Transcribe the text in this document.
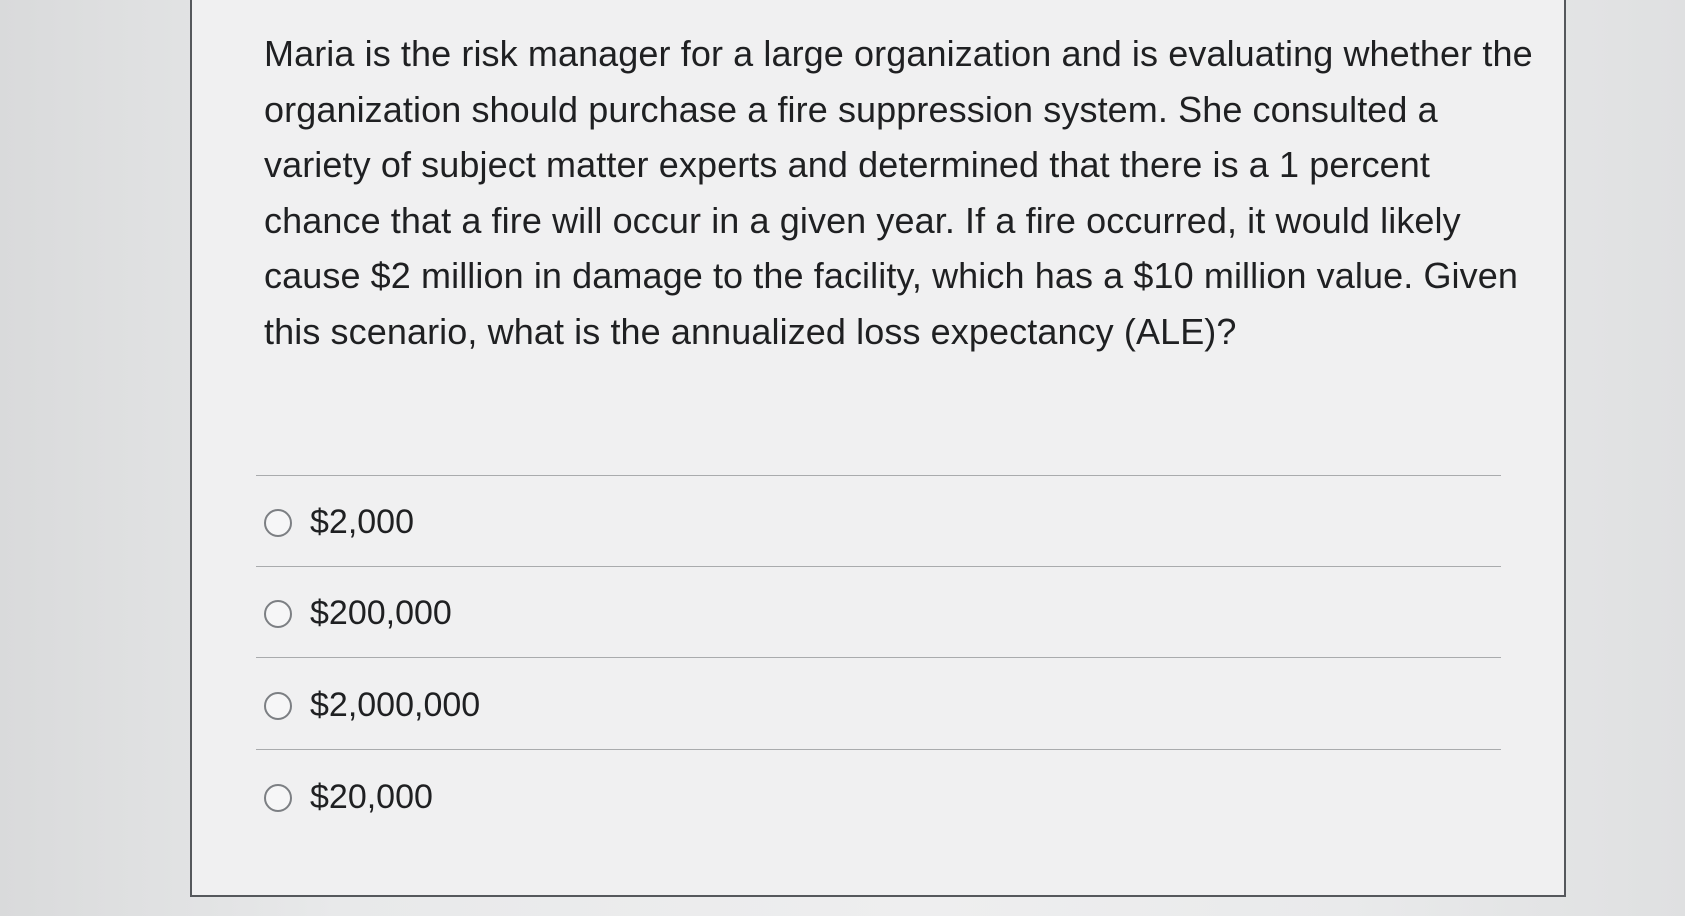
Maria is the risk manager for a large organization and is evaluating whether the organization should purchase a fire suppression system. She consulted a variety of subject matter experts and determined that there is a 1 percent chance that a fire will occur in a given year. If a fire occurred, it would likely cause $2 million in damage to the facility, which has a $10 million value. Given this scenario, what is the annualized loss expectancy (ALE)?

$2,000
$200,000
$2,000,000
$20,000
